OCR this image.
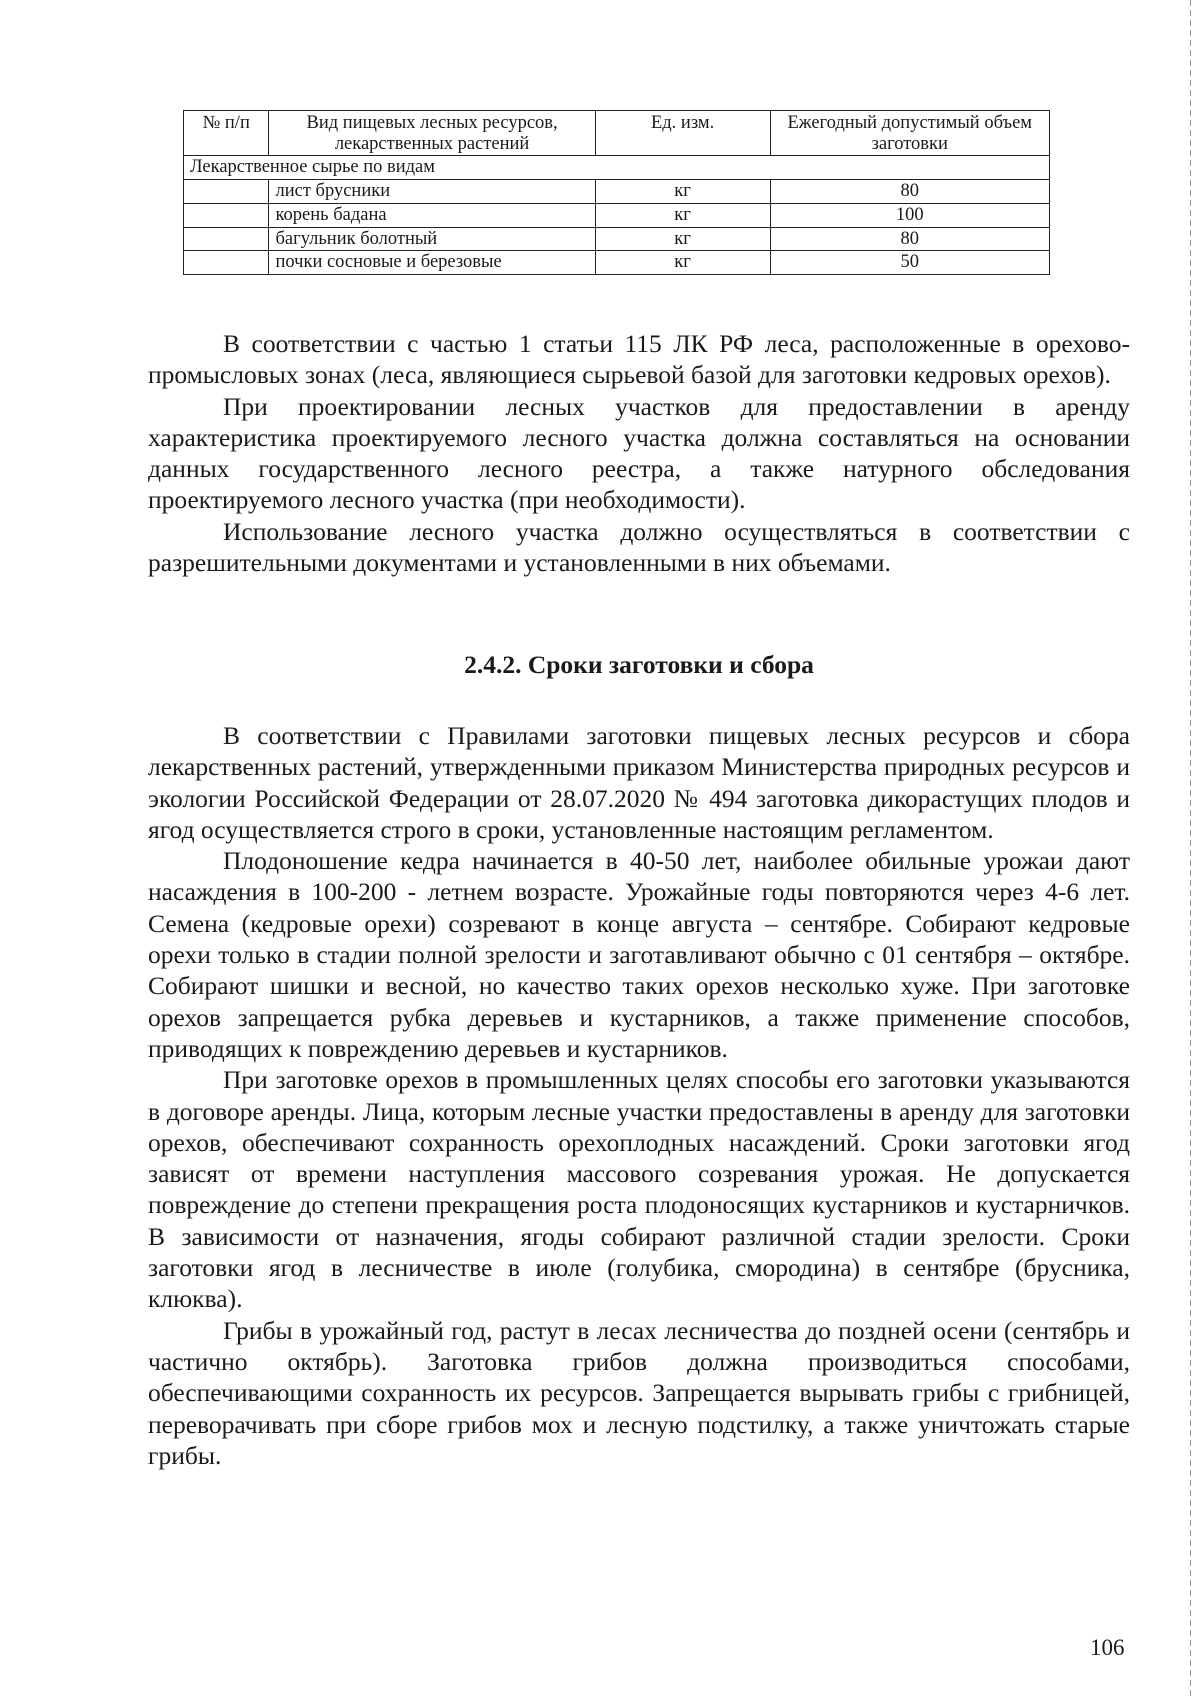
№ п/п	Вид пищевых лесных ресурсов, лекарственных растений	Ед. изм.	Ежегодный допустимый объем заготовки
Лекарственное сырье по видам			
	лист брусники	кг	80
	корень бадана	кг	100
	багульник болотный	кг	80
	почки сосновые и березовые	кг	50

В соответствии с частью 1 статьи 115 ЛК РФ леса, расположенные в орехово-промысловых зонах (леса, являющиеся сырьевой базой для заготовки кедровых орехов).

При проектировании лесных участков для предоставлении в аренду характеристика проектируемого лесного участка должна составляться на основании данных государственного лесного реестра, а также натурного обследования проектируемого лесного участка (при необходимости).

Использование лесного участка должно осуществляться в соответствии с разрешительными документами и установленными в них объемами.

2.4.2. Сроки заготовки и сбора

В соответствии с Правилами заготовки пищевых лесных ресурсов и сбора лекарственных растений, утвержденными приказом Министерства природных ресурсов и экологии Российской Федерации от 28.07.2020 № 494 заготовка дикорастущих плодов и ягод осуществляется строго в сроки, установленные настоящим регламентом.

Плодоношение кедра начинается в 40-50 лет, наиболее обильные урожаи дают насаждения в 100-200 - летнем возрасте. Урожайные годы повторяются через 4-6 лет. Семена (кедровые орехи) созревают в конце августа – сентябре. Собирают кедровые орехи только в стадии полной зрелости и заготавливают обычно с 01 сентября – октябре. Собирают шишки и весной, но качество таких орехов несколько хуже. При заготовке орехов запрещается рубка деревьев и кустарников, а также применение способов, приводящих к повреждению деревьев и кустарников.

При заготовке орехов в промышленных целях способы его заготовки указываются в договоре аренды. Лица, которым лесные участки предоставлены в аренду для заготовки орехов, обеспечивают сохранность орехоплодных насаждений. Сроки заготовки ягод зависят от времени наступления массового созревания урожая. Не допускается повреждение до степени прекращения роста плодоносящих кустарников и кустарничков. В зависимости от назначения, ягоды собирают различной стадии зрелости. Сроки заготовки ягод в лесничестве в июле (голубика, смородина) в сентябре (брусника, клюква).

Грибы в урожайный год, растут в лесах лесничества до поздней осени (сентябрь и частично октябрь). Заготовка грибов должна производиться способами, обеспечивающими сохранность их ресурсов. Запрещается вырывать грибы с грибницей, переворачивать при сборе грибов мох и лесную подстилку, а также уничтожать старые грибы.

106
